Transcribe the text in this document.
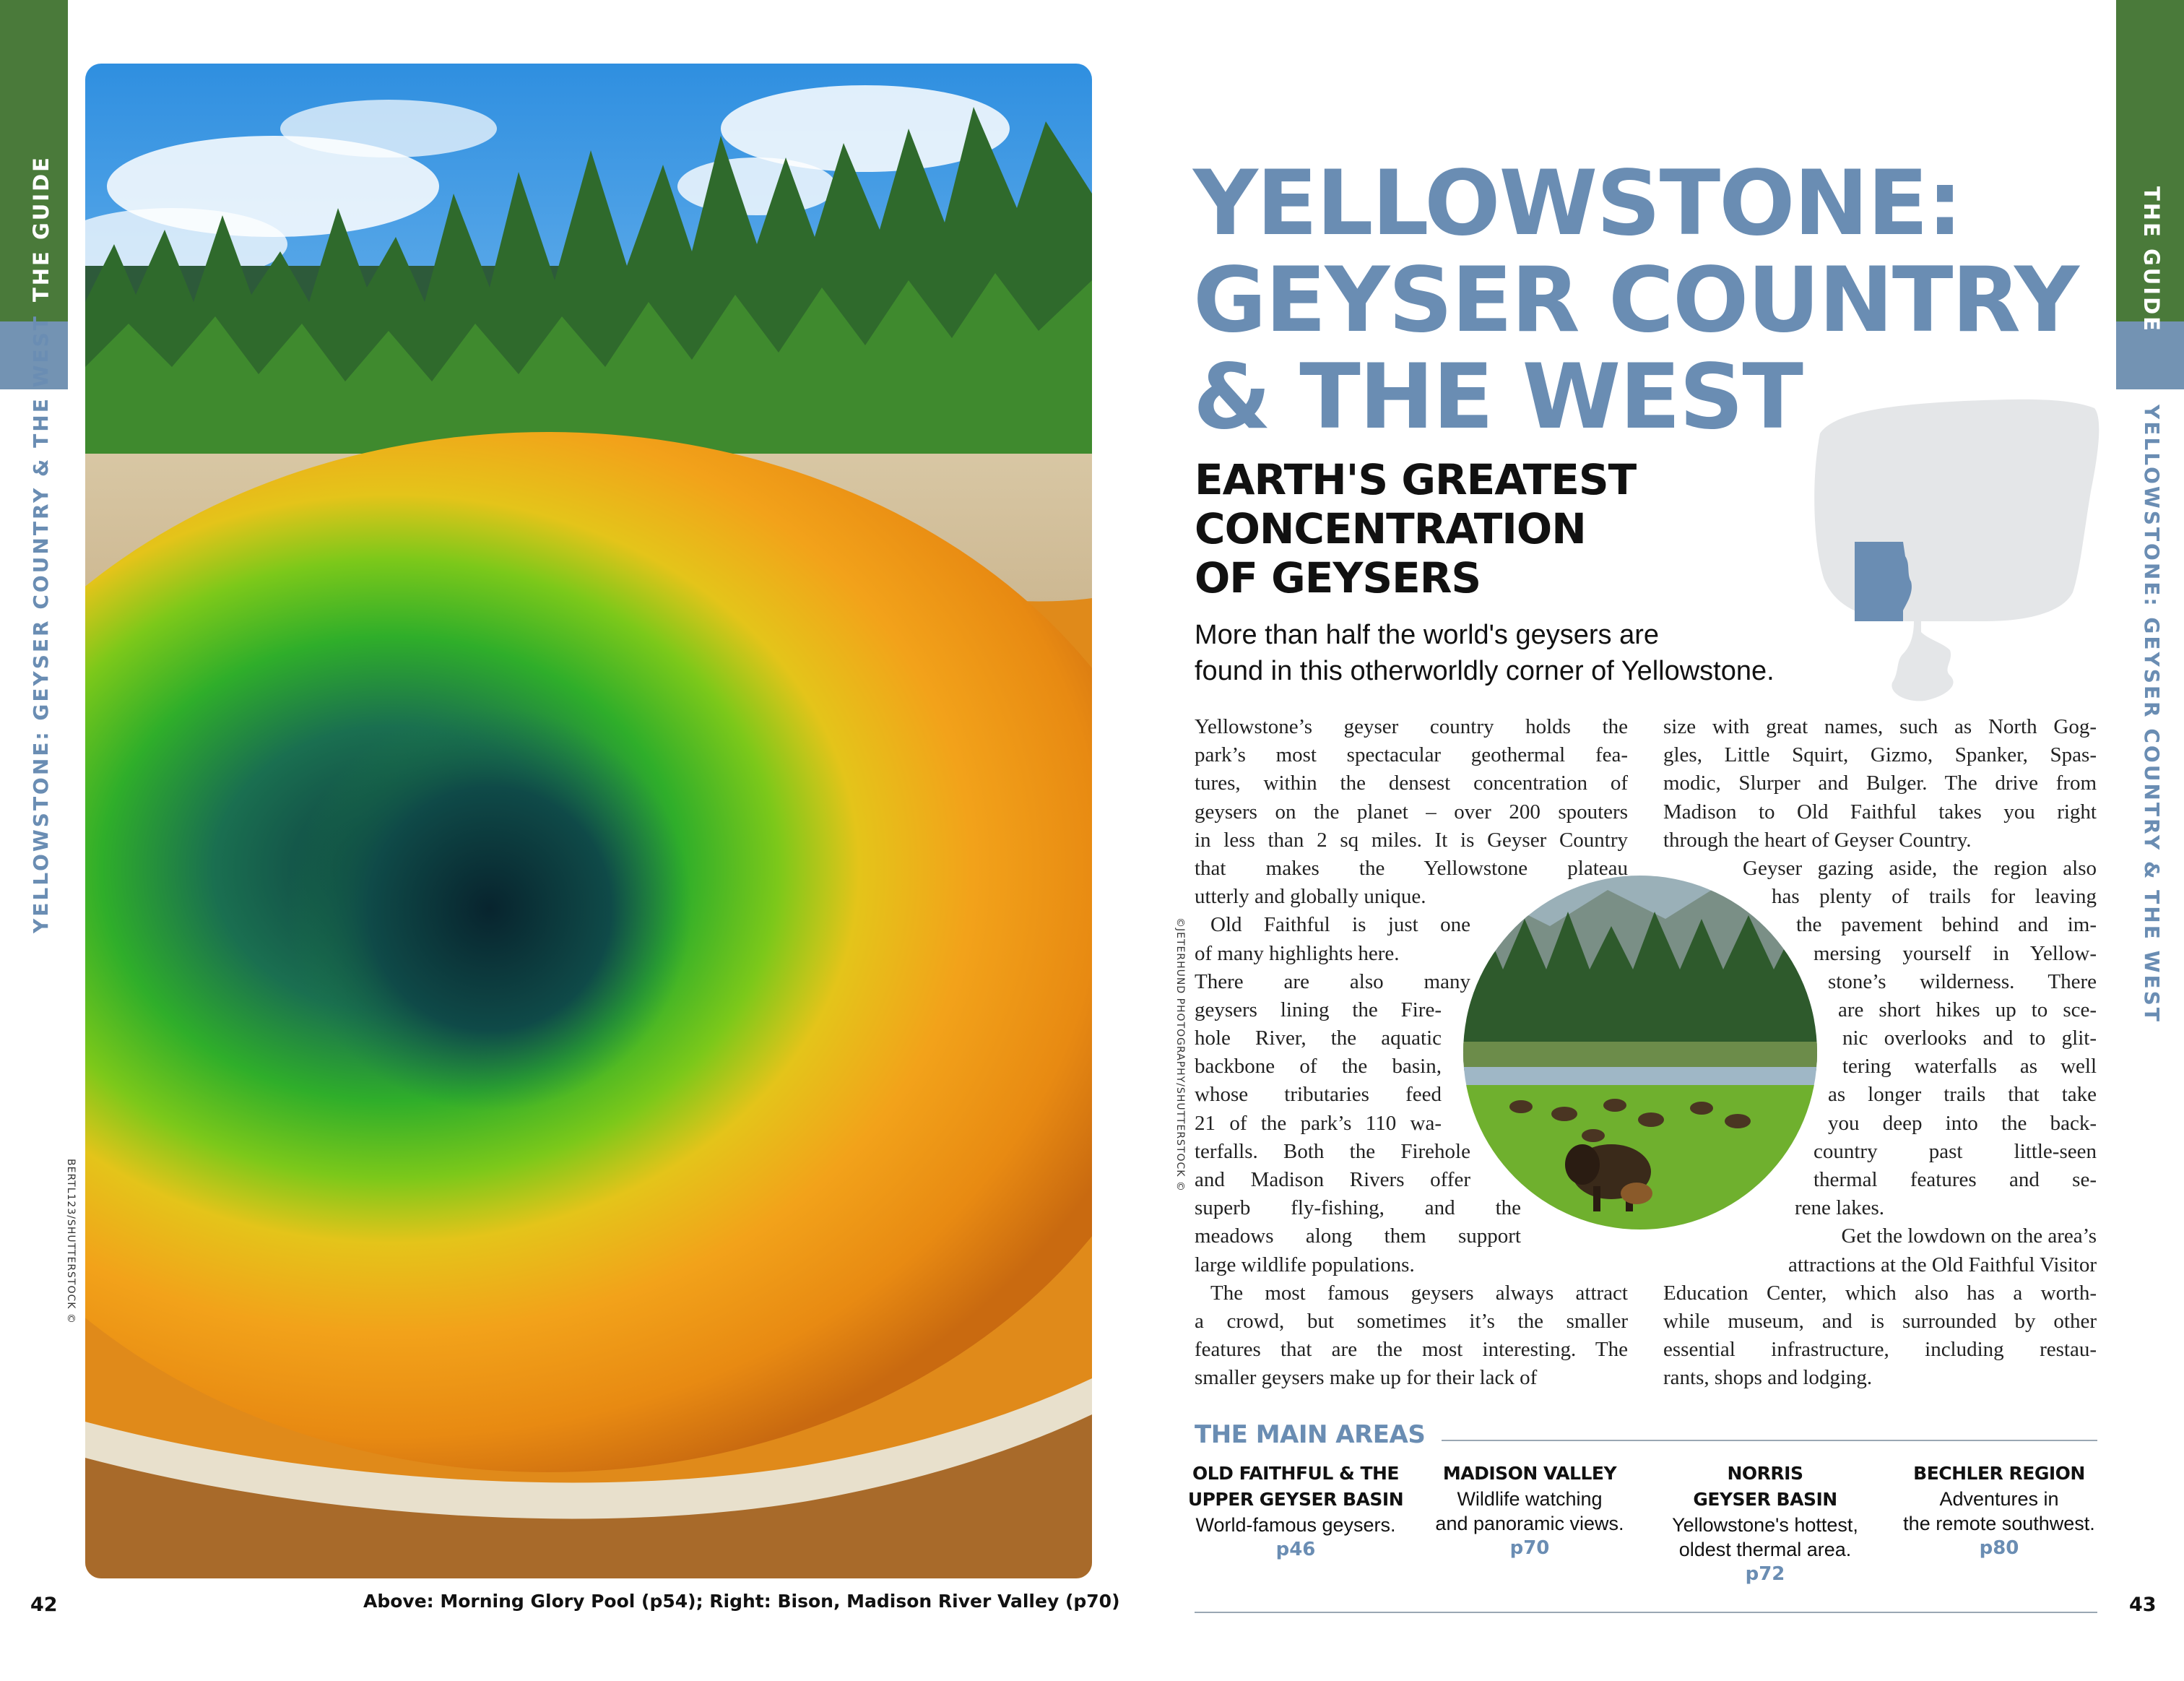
THE GUIDE
YELLOWSTONE: GEYSER COUNTRY & THE WEST
THE GUIDE
YELLOWSTONE: GEYSER COUNTRY & THE WEST
BERTL123/SHUTTERSTOCK ©
42	Above: Morning Glory Pool (p54); Right: Bison, Madison River Valley (p70)
YELLOWSTONE:
GEYSER COUNTRY
& THE WEST
EARTH'S GREATEST
CONCENTRATION
OF GEYSERS
More than half the world's geysers are
found in this otherworldly corner of Yellowstone.
Yellowstone’s geyser country holds the
park’s most spectacular geothermal fea-
tures, within the densest concentration of
geysers on the planet – over 200 spouters
in less than 2 sq miles. It is Geyser Country
that makes the Yellowstone plateau
utterly and globally unique.
Old Faithful is just one
of many highlights here.
There are also many
geysers lining the Fire-
hole River, the aquatic
backbone of the basin,
whose tributaries feed
21 of the park’s 110 wa-
terfalls. Both the Firehole
and Madison Rivers offer
superb fly-fishing, and the
meadows along them support
large wildlife populations.
The most famous geysers always attract
a crowd, but sometimes it’s the smaller
features that are the most interesting. The
smaller geysers make up for their lack of
size with great names, such as North Gog-
gles, Little Squirt, Gizmo, Spanker, Spas-
modic, Slurper and Bulger. The drive from
Madison to Old Faithful takes you right
through the heart of Geyser Country.
Geyser gazing aside, the region also
has plenty of trails for leaving
the pavement behind and im-
mersing yourself in Yellow-
stone’s wilderness. There
are short hikes up to sce-
nic overlooks and to glit-
tering waterfalls as well
as longer trails that take
you deep into the back-
country past little-seen
thermal features and se-
rene lakes.
Get the lowdown on the area’s
attractions at the Old Faithful Visitor
Education Center, which also has a worth-
while museum, and is surrounded by other
essential infrastructure, including restau-
rants, shops and lodging.
©JETERHUND PHOTOGRAPHY/SHUTTERSTOCK ©
THE MAIN AREAS
OLD FAITHFUL & THE
UPPER GEYSER BASIN
World-famous geysers.
p46
MADISON VALLEY
Wildlife watching
and panoramic views.
p70
NORRIS
GEYSER BASIN
Yellowstone's hottest,
oldest thermal area.
p72
BECHLER REGION
Adventures in
the remote southwest.
p80
43
